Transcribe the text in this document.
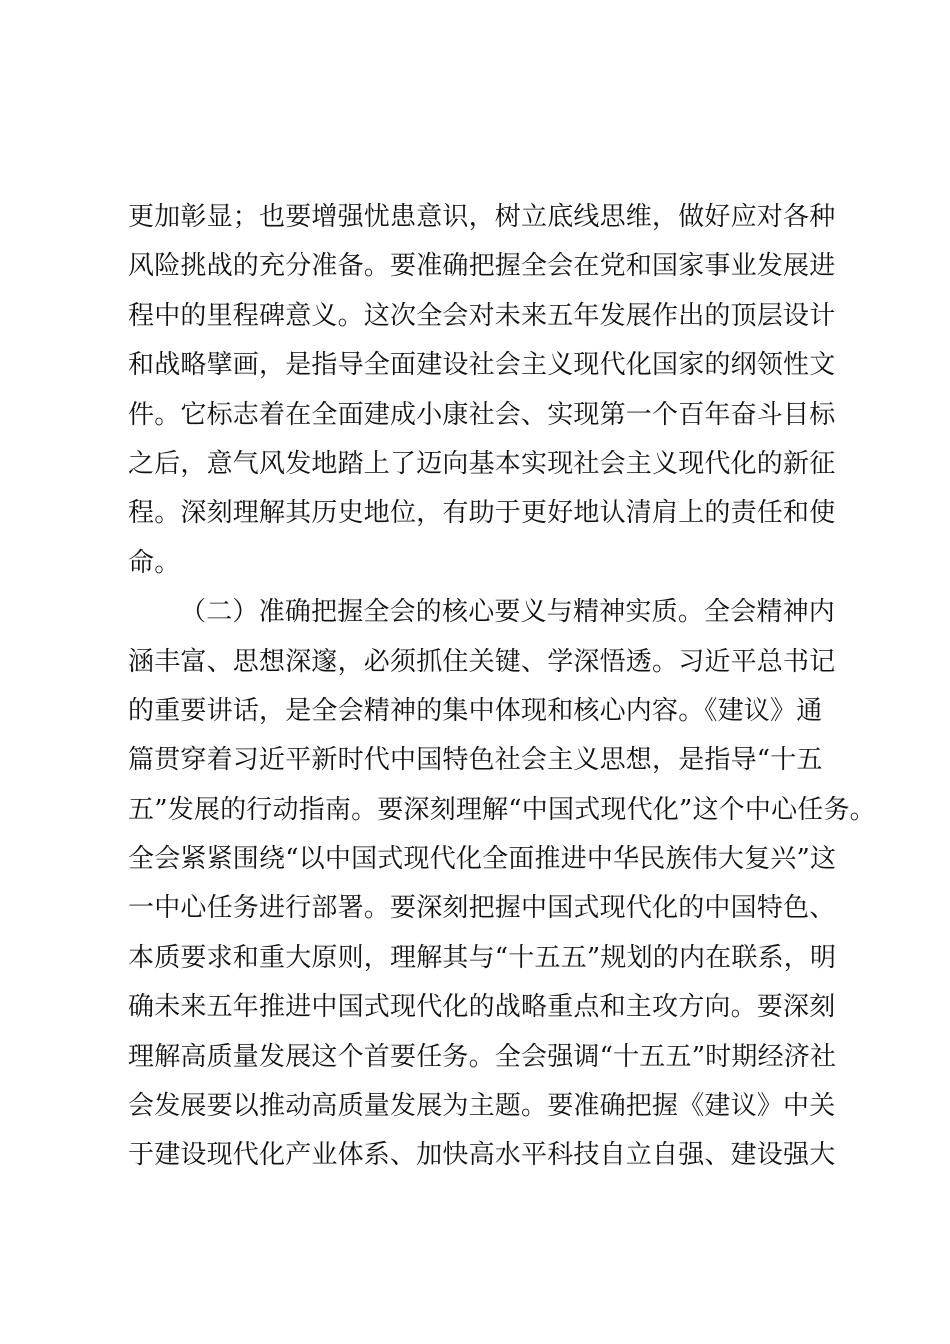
更加彰显；也要增强忧患意识，树立底线思维，做好应对各种
风险挑战的充分准备。要准确把握全会在党和国家事业发展进
程中的里程碑意义。这次全会对未来五年发展作出的顶层设计
和战略擘画，是指导全面建设社会主义现代化国家的纲领性文
件。它标志着在全面建成小康社会、实现第一个百年奋斗目标
之后，意气风发地踏上了迈向基本实现社会主义现代化的新征
程。深刻理解其历史地位，有助于更好地认清肩上的责任和使
命。
（二）准确把握全会的核心要义与精神实质。全会精神内
涵丰富、思想深邃，必须抓住关键、学深悟透。习近平总书记
的重要讲话，是全会精神的集中体现和核心内容。《建议》通
篇贯穿着习近平新时代中国特色社会主义思想，是指导“十五
五”发展的行动指南。要深刻理解“中国式现代化”这个中心任务。
全会紧紧围绕“以中国式现代化全面推进中华民族伟大复兴”这
一中心任务进行部署。要深刻把握中国式现代化的中国特色、
本质要求和重大原则，理解其与“十五五”规划的内在联系，明
确未来五年推进中国式现代化的战略重点和主攻方向。要深刻
理解高质量发展这个首要任务。全会强调“十五五”时期经济社
会发展要以推动高质量发展为主题。要准确把握《建议》中关
于建设现代化产业体系、加快高水平科技自立自强、建设强大
